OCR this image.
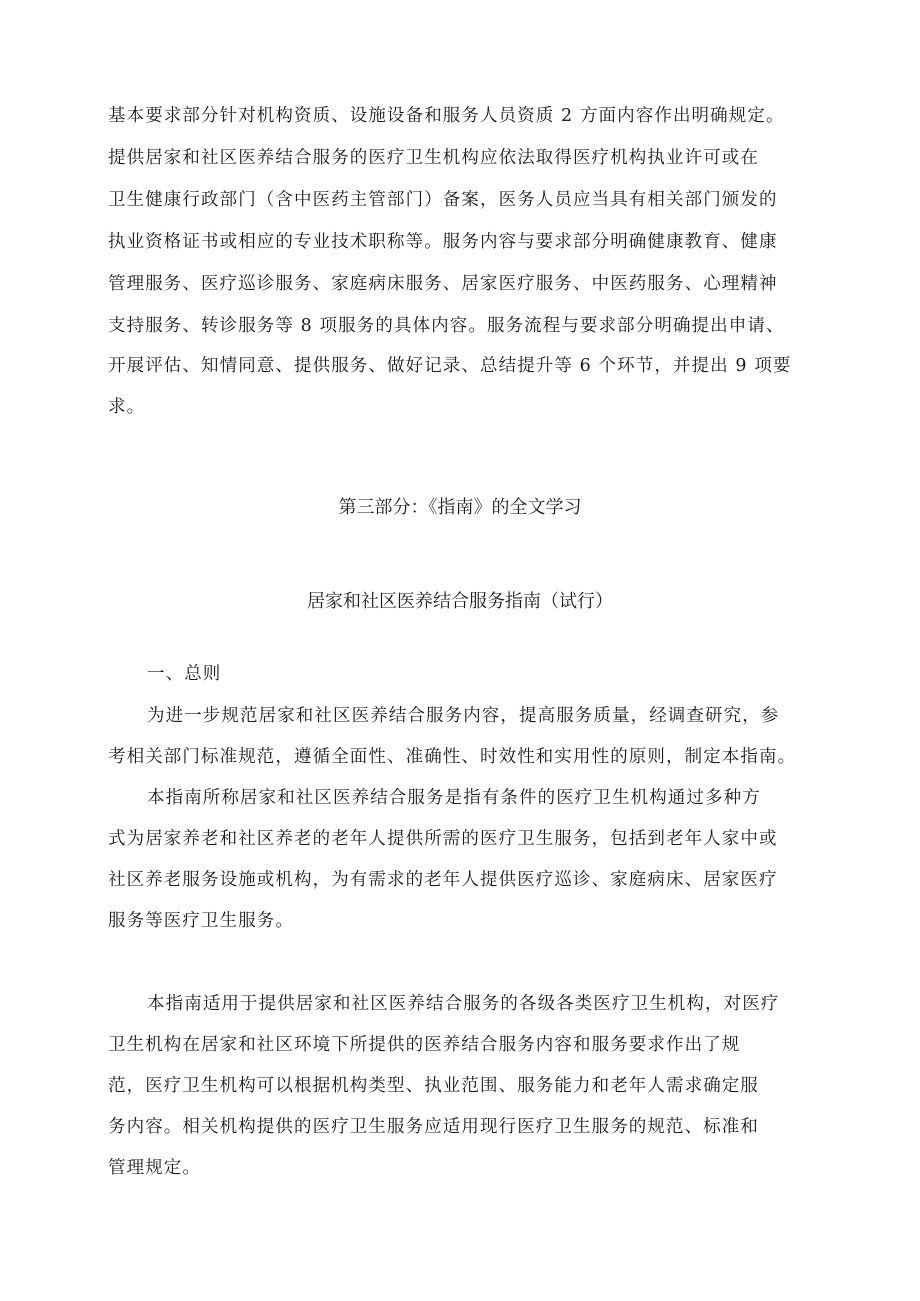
基本要求部分针对机构资质、设施设备和服务人员资质 2 方面内容作出明确规定。
提供居家和社区医养结合服务的医疗卫生机构应依法取得医疗机构执业许可或在
卫生健康行政部门（含中医药主管部门）备案，医务人员应当具有相关部门颁发的
执业资格证书或相应的专业技术职称等。服务内容与要求部分明确健康教育、健康
管理服务、医疗巡诊服务、家庭病床服务、居家医疗服务、中医药服务、心理精神
支持服务、转诊服务等 8 项服务的具体内容。服务流程与要求部分明确提出申请、
开展评估、知情同意、提供服务、做好记录、总结提升等 6 个环节，并提出 9 项要
求。
第三部分：《指南》的全文学习
居家和社区医养结合服务指南（试行）
一、总则
为进一步规范居家和社区医养结合服务内容，提高服务质量，经调查研究，参
考相关部门标准规范，遵循全面性、准确性、时效性和实用性的原则，制定本指南。
本指南所称居家和社区医养结合服务是指有条件的医疗卫生机构通过多种方
式为居家养老和社区养老的老年人提供所需的医疗卫生服务，包括到老年人家中或
社区养老服务设施或机构，为有需求的老年人提供医疗巡诊、家庭病床、居家医疗
服务等医疗卫生服务。
本指南适用于提供居家和社区医养结合服务的各级各类医疗卫生机构，对医疗
卫生机构在居家和社区环境下所提供的医养结合服务内容和服务要求作出了规
范，医疗卫生机构可以根据机构类型、执业范围、服务能力和老年人需求确定服
务内容。相关机构提供的医疗卫生服务应适用现行医疗卫生服务的规范、标准和
管理规定。
